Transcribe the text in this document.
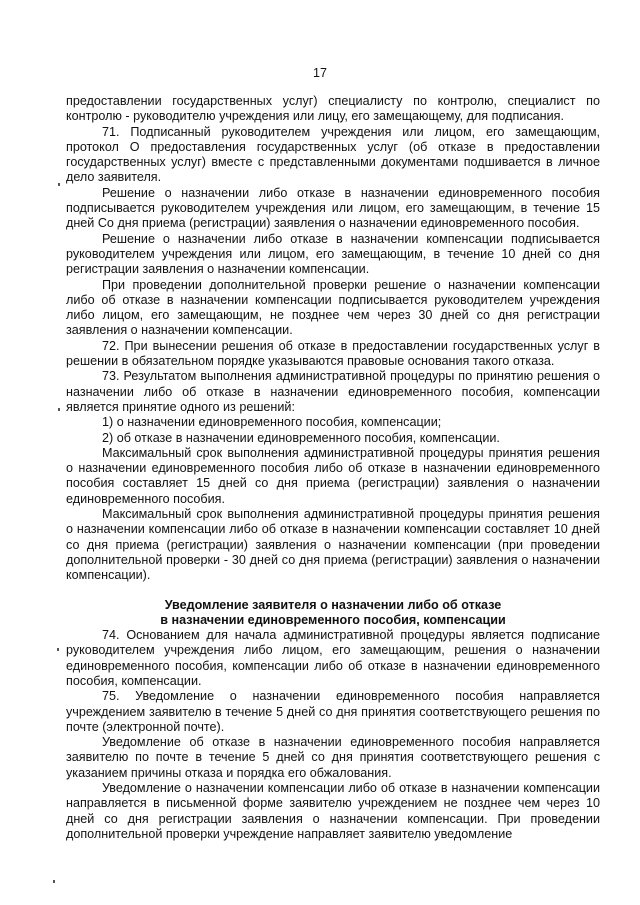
17

предоставлении государственных услуг) специалисту по контролю, специалист по контролю - руководителю учреждения или лицу, его замещающему, для подписания.

71. Подписанный руководителем учреждения или лицом, его замещающим, протокол О предоставления государственных услуг (об отказе в предоставлении государственных услуг) вместе с представленными документами подшивается в личное дело заявителя.

Решение о назначении либо отказе в назначении единовременного пособия подписывается руководителем учреждения или лицом, его замещающим, в течение 15 дней Со дня приема (регистрации) заявления о назначении единовременного пособия.

Решение о назначении либо отказе в назначении компенсации подписывается руководителем учреждения или лицом, его замещающим, в течение 10 дней со дня регистрации заявления о назначении компенсации.

При проведении дополнительной проверки решение о назначении компенсации либо об отказе в назначении компенсации подписывается руководителем учреждения либо лицом, его замещающим, не позднее чем через 30 дней со дня регистрации заявления о назначении компенсации.

72. При вынесении решения об отказе в предоставлении государственных услуг в решении в обязательном порядке указываются правовые основания такого отказа.

73. Результатом выполнения административной процедуры по принятию решения о назначении либо об отказе в назначении единовременного пособия, компенсации является принятие одного из решений:

1) о назначении единовременного пособия, компенсации;

2) об отказе в назначении единовременного пособия, компенсации.

Максимальный срок выполнения административной процедуры принятия решения о назначении единовременного пособия либо об отказе в назначении единовременного пособия составляет 15 дней со дня приема (регистрации) заявления о назначении единовременного пособия.

Максимальный срок выполнения административной процедуры принятия решения о назначении компенсации либо об отказе в назначении компенсации составляет 10 дней со дня приема (регистрации) заявления о назначении компенсации (при проведении дополнительной проверки - 30 дней со дня приема (регистрации) заявления о назначении компенсации).

Уведомление заявителя о назначении либо об отказе

в назначении единовременного пособия, компенсации

74. Основанием для начала административной процедуры является подписание руководителем учреждения либо лицом, его замещающим, решения о назначении единовременного пособия, компенсации либо об отказе в назначении единовременного пособия, компенсации.

75. Уведомление о назначении единовременного пособия направляется учреждением заявителю в течение 5 дней со дня принятия соответствующего решения по почте (электронной почте).

Уведомление об отказе в назначении единовременного пособия направляется заявителю по почте в течение 5 дней со дня принятия соответствующего решения с указанием причины отказа и порядка его обжалования.

Уведомление о назначении компенсации либо об отказе в назначении компенсации направляется в письменной форме заявителю учреждением не позднее чем через 10 дней со дня регистрации заявления о назначении компенсации. При проведении дополнительной проверки учреждение направляет заявителю уведомление
